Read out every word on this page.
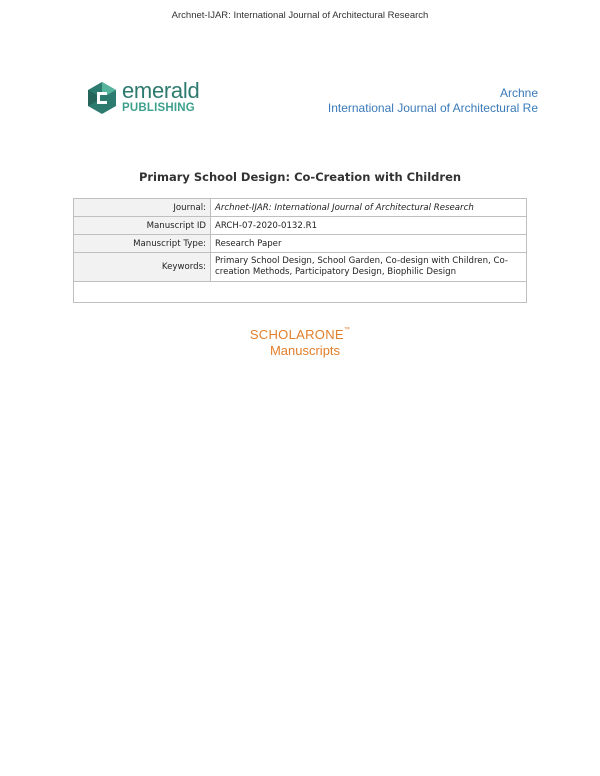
Archnet-IJAR: International Journal of Architectural Research
emerald
PUBLISHING
Archne
International Journal of Architectural Re
Primary School Design: Co-Creation with Children
Journal:	Archnet-IJAR: International Journal of Architectural Research
Manuscript ID	ARCH-07-2020-0132.R1
Manuscript Type:	Research Paper
Keywords:	Primary School Design, School Garden, Co-design with Children, Co-
creation Methods, Participatory Design, Biophilic Design

SCHOLARONE™
Manuscripts
